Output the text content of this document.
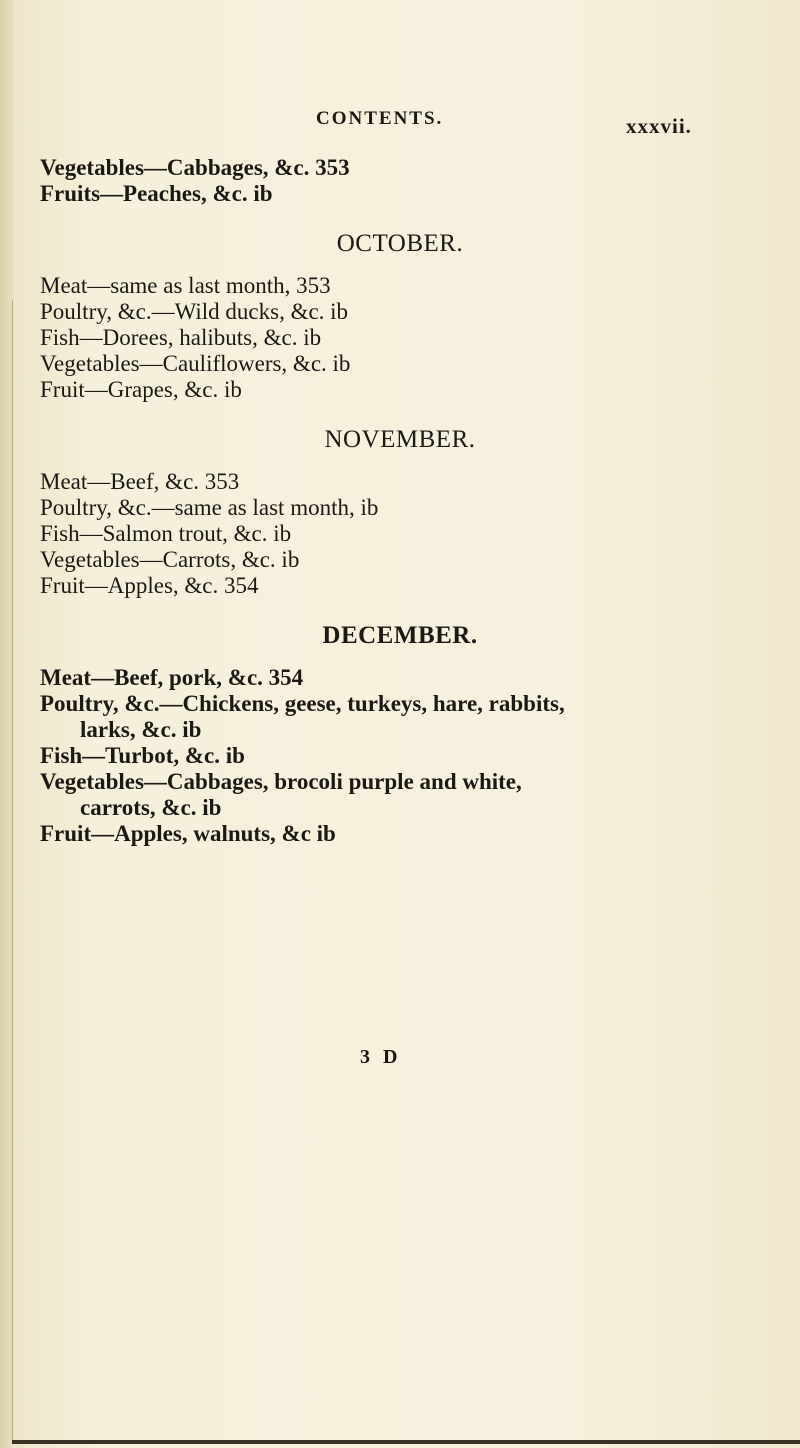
CONTENTS.	xxxvii.

Vegetables—Cabbages, &c. 353

Fruits—Peaches, &c. ib

OCTOBER.

Meat—same as last month, 353

Poultry, &c.—Wild ducks, &c. ib

Fish—Dorees, halibuts, &c. ib

Vegetables—Cauliflowers, &c. ib

Fruit—Grapes, &c. ib

NOVEMBER.

Meat—Beef, &c. 353

Poultry, &c.—same as last month, ib

Fish—Salmon trout, &c. ib

Vegetables—Carrots, &c. ib

Fruit—Apples, &c. 354

DECEMBER.

Meat—Beef, pork, &c. 354

Poultry, &c.—Chickens, geese, turkeys, hare, rabbits,

larks, &c. ib

Fish—Turbot, &c. ib

Vegetables—Cabbages, brocoli purple and white,

carrots, &c. ib

Fruit—Apples, walnuts, &c ib

3 D
